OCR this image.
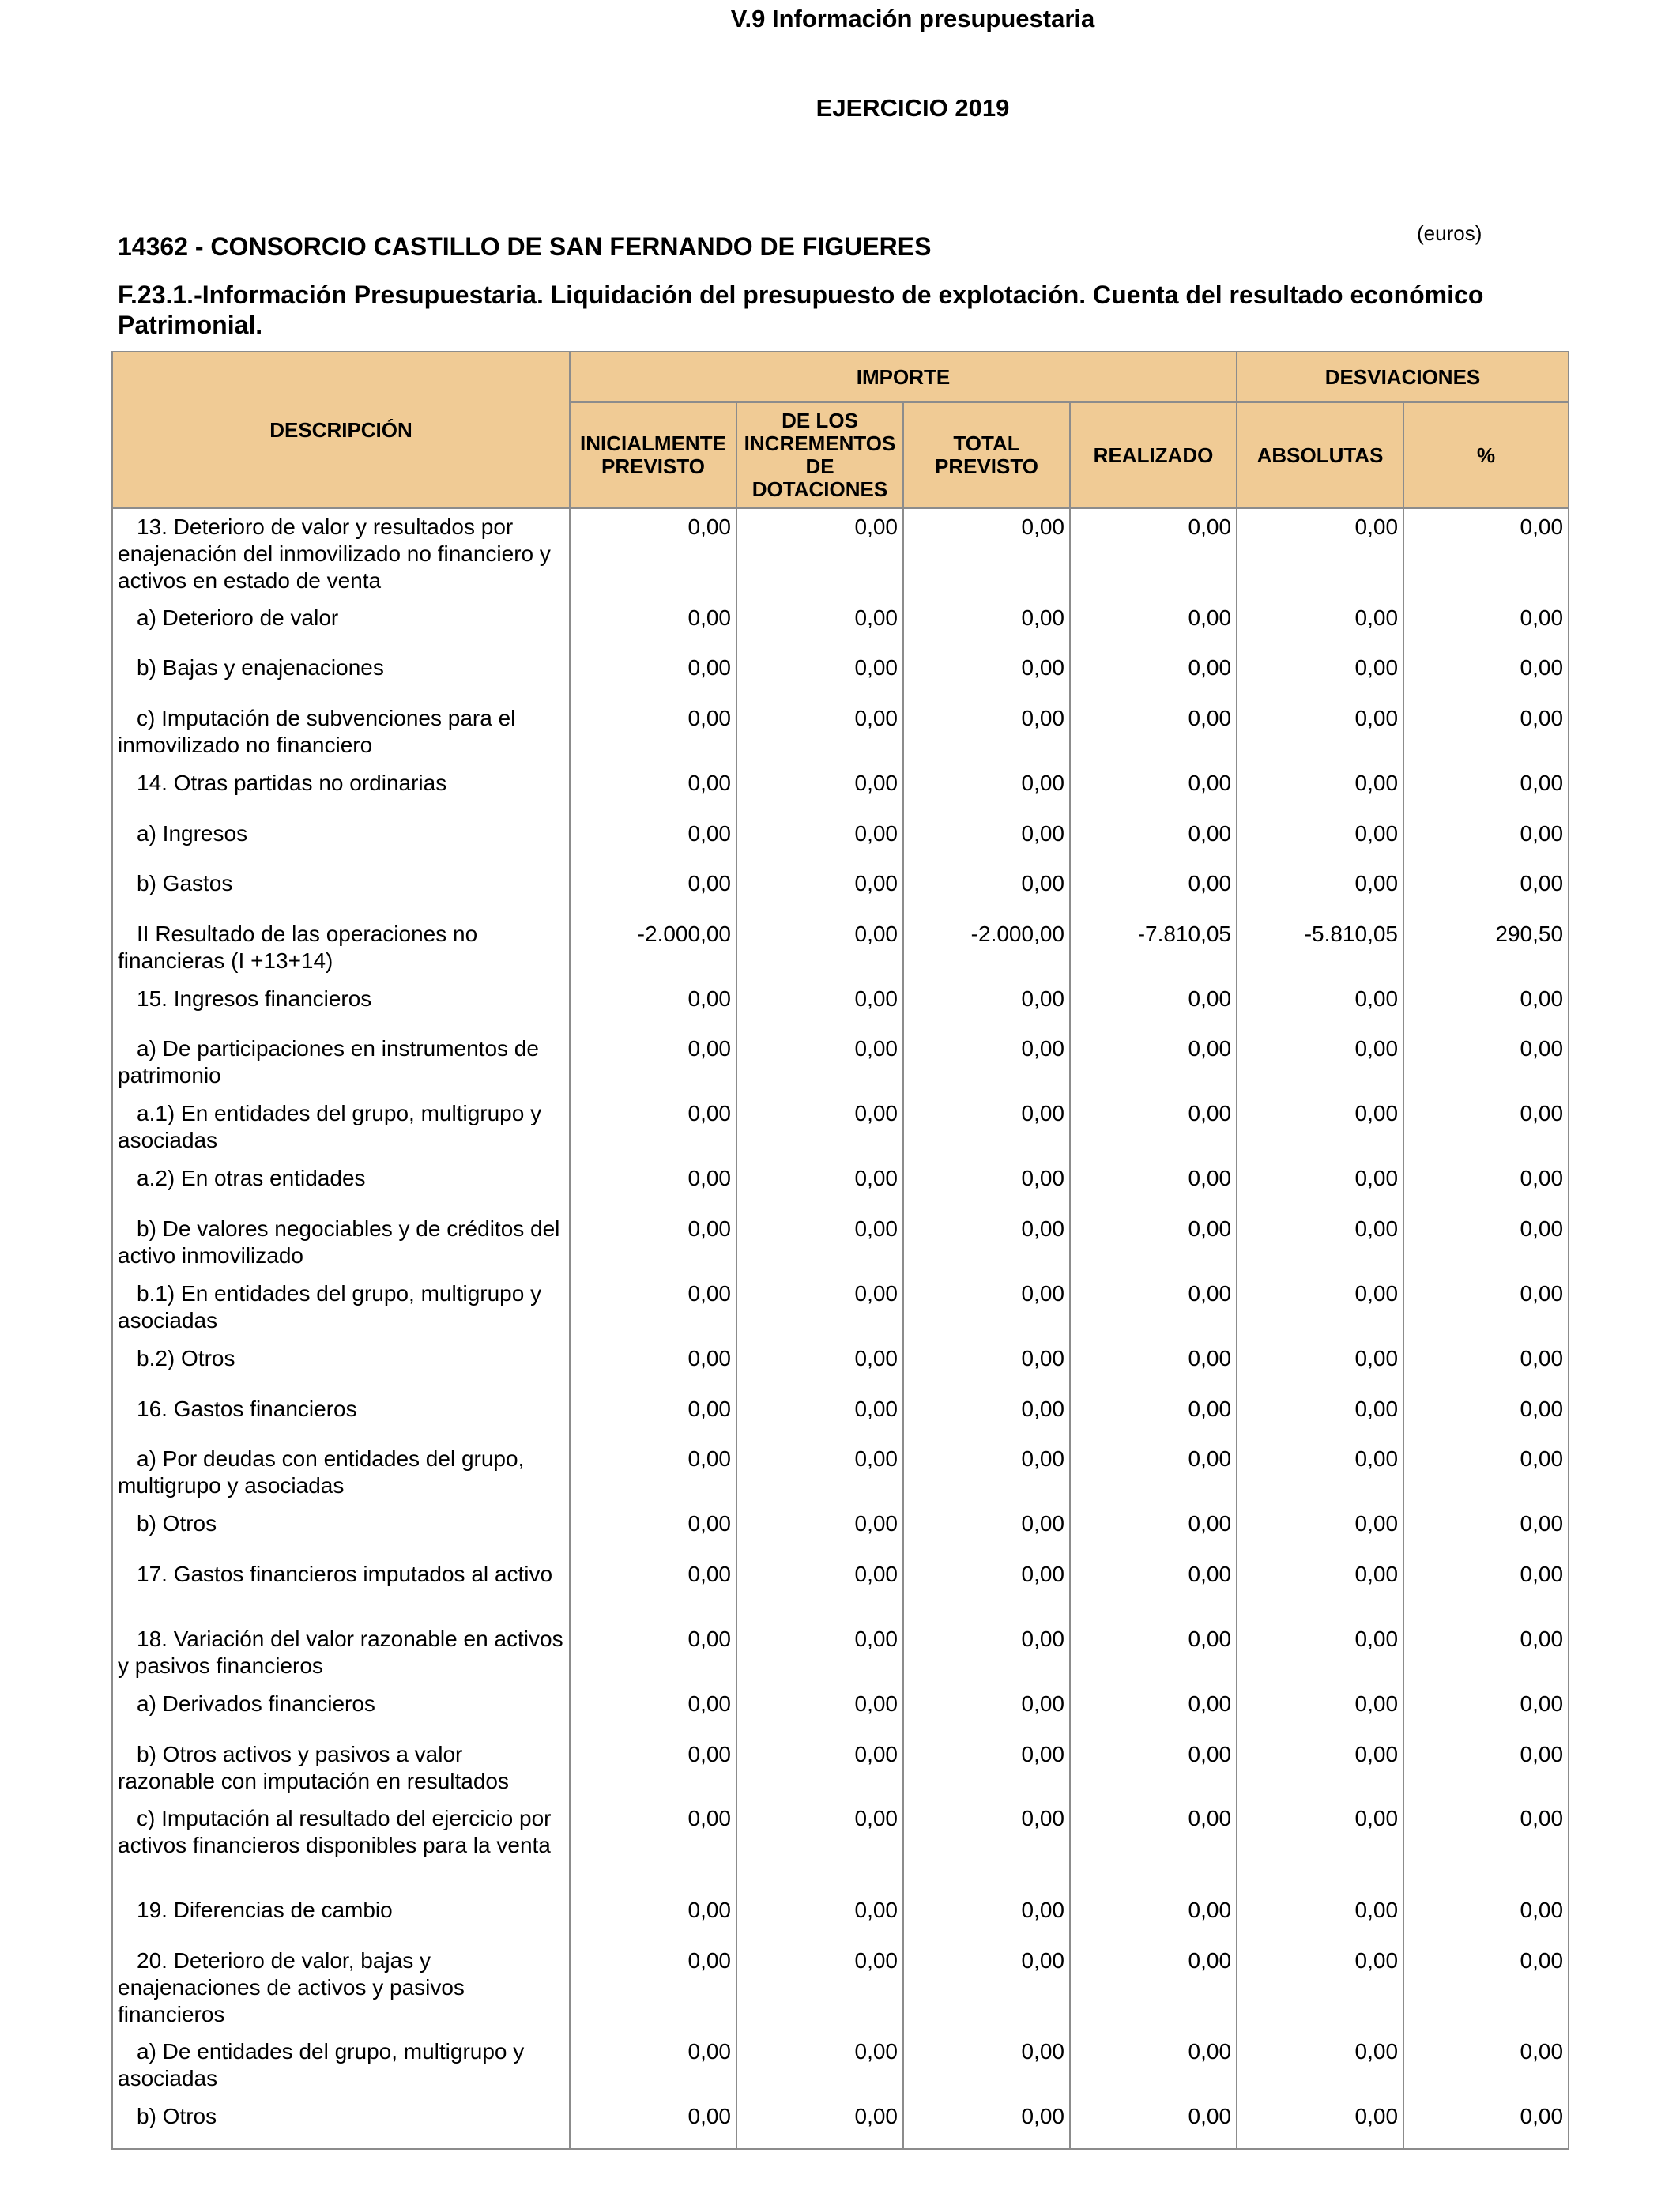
V.9 Información presupuestaria
EJERCICIO 2019
(euros)
14362 - CONSORCIO CASTILLO DE SAN FERNANDO DE FIGUERES
F.23.1.-Información Presupuestaria. Liquidación del presupuesto de explotación. Cuenta del resultado económico Patrimonial.
DESCRIPCIÓN	IMPORTE				DESVIACIONES	
	INICIALMENTE PREVISTO	DE LOS INCREMENTOS DE DOTACIONES	TOTAL PREVISTO	REALIZADO	ABSOLUTAS	%
13. Deterioro de valor y resultados por enajenación del inmovilizado no financiero y activos en estado de venta	0,00	0,00	0,00	0,00	0,00	0,00
a) Deterioro de valor	0,00	0,00	0,00	0,00	0,00	0,00
b) Bajas y enajenaciones	0,00	0,00	0,00	0,00	0,00	0,00
c) Imputación de subvenciones para el inmovilizado no financiero	0,00	0,00	0,00	0,00	0,00	0,00
14. Otras partidas no ordinarias	0,00	0,00	0,00	0,00	0,00	0,00
a) Ingresos	0,00	0,00	0,00	0,00	0,00	0,00
b) Gastos	0,00	0,00	0,00	0,00	0,00	0,00
II Resultado de las operaciones no financieras (I +13+14)	-2.000,00	0,00	-2.000,00	-7.810,05	-5.810,05	290,50
15. Ingresos financieros	0,00	0,00	0,00	0,00	0,00	0,00
a) De participaciones en instrumentos de patrimonio	0,00	0,00	0,00	0,00	0,00	0,00
a.1) En entidades del grupo, multigrupo y asociadas	0,00	0,00	0,00	0,00	0,00	0,00
a.2) En otras entidades	0,00	0,00	0,00	0,00	0,00	0,00
b) De valores negociables y de créditos del activo inmovilizado	0,00	0,00	0,00	0,00	0,00	0,00
b.1) En entidades del grupo, multigrupo y asociadas	0,00	0,00	0,00	0,00	0,00	0,00
b.2) Otros	0,00	0,00	0,00	0,00	0,00	0,00
16. Gastos financieros	0,00	0,00	0,00	0,00	0,00	0,00
a) Por deudas con entidades del grupo, multigrupo y asociadas	0,00	0,00	0,00	0,00	0,00	0,00
b) Otros	0,00	0,00	0,00	0,00	0,00	0,00
17. Gastos financieros imputados al activo	0,00	0,00	0,00	0,00	0,00	0,00
18. Variación del valor razonable en activos y pasivos financieros	0,00	0,00	0,00	0,00	0,00	0,00
a) Derivados financieros	0,00	0,00	0,00	0,00	0,00	0,00
b) Otros activos y pasivos a valor razonable con imputación en resultados	0,00	0,00	0,00	0,00	0,00	0,00
c) Imputación al resultado del ejercicio por activos financieros disponibles para la venta	0,00	0,00	0,00	0,00	0,00	0,00
19. Diferencias de cambio	0,00	0,00	0,00	0,00	0,00	0,00
20. Deterioro de valor, bajas y enajenaciones de activos y pasivos financieros	0,00	0,00	0,00	0,00	0,00	0,00
a) De entidades del grupo, multigrupo y asociadas	0,00	0,00	0,00	0,00	0,00	0,00
b) Otros	0,00	0,00	0,00	0,00	0,00	0,00
